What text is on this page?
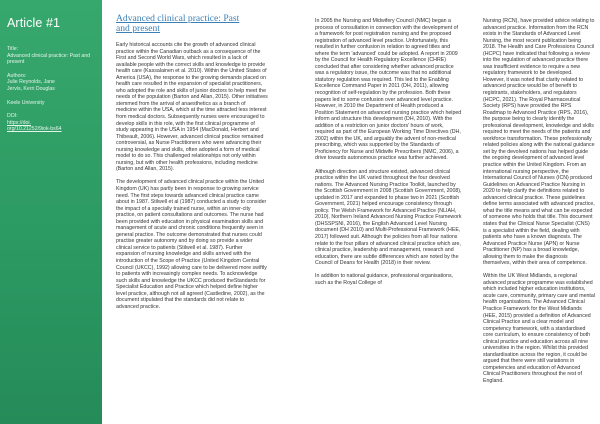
Article #1
Title:
Advanced clinical practice: Past and present
Authors:
Julie Reynolds, Jane
Jervis, Kerri Douglas
Keele University
DOI:
https://doi.
org/10.21252/9iok-bs64
Advanced clinical practice: Past
and present

Early historical accounts cite the growth of advanced clinical practice within the Canadian outback as a consequence of the First and Second World Wars, which resulted in a lack of available people with the correct skills and knowledge to provide health care (Kassalainen et al. 2010). Within the United States of America (USA), the response to the growing demands placed on health care resulted in the expansion of specialist practitioners, who adopted the role and skills of junior doctors to help meet the needs of the population (Barton and Allan, 2015). Other initiatives stemmed from the arrival of anaesthetics as a branch of medicine within the USA, which at the time attracted less interest from medical doctors. Subsequently nurses were encouraged to develop skills in this role, with the first clinical programme of study appearing in the USA in 1954 (MacDonald, Herbert and Thibeault, 2006). However, advanced clinical practice remained controversial, as Nurse Practitioners who were advancing their nursing knowledge and skills, often adopted a form of medical model to do so. This challenged relationships not only within nursing, but with other health professions, including medicine (Barton and Allan, 2015).

The development of advanced clinical practice within the United Kingdom (UK) has partly been in response to growing service need. The first steps towards advanced clinical practice came about in 1987. Stilwell et al (1987) conducted a study to consider the impact of a specially trained nurse, within an inner-city practice, on patient consultations and outcomes. The nurse had been provided with education in physical examination skills and management of acute and chronic conditions frequently seen in general practice. The outcome demonstrated that nurses could practise greater autonomy and by doing so provide a wider clinical service to patients (Stilwell et al. 1987). Further expansion of nursing knowledge and skills arrived with the introduction of the Scope of Practice (United Kingdom Central Council (UKCC), 1992) allowing care to be delivered more swiftly to patients with increasingly complex needs. To acknowledge such skills and knowledge the UKCC produced theStandards for Specialist Education and Practice which helped define higher level practice, although not all agreed (Castledine, 2002), as the document stipulated that the standards did not relate to advanced practice.

In 2005 the Nursing and Midwifery Council (NMC) began a process of consultation in connection with the development of a framework for post registration nursing and the proposed registration of advanced level practice. Unfortunately, this resulted in further confusion in relation to agreed titles and where the term 'advanced' could be adopted. A report in 2009 by the Council for Health Regulatory Excellence (CHRE) concluded that after considering whether advanced practice was a regulatory issue, the outcome was that no additional statutory regulation was required. This led to the Enabling Excellence Command Paper in 2011 (DH, 2011), allowing recognition of self-regulation by the profession. Both these papers led to some confusion over advanced level practice. However, in 2010 the Department of Health produced a Position Statement on advanced nursing practice which helped inform and structure this development (DH, 2010). With the addition of a restriction on junior doctors' hours of work, required as part of the European Working Time Directives (DH, 2002) within the UK, and arguably the advent of non-medical prescribing, which was supported by the Standards of Proficiency for Nurse and Midwife Prescribers (NMC, 2006), a drive towards autonomous practice was further achieved.

Although direction and structure existed, advanced clinical practice within the UK varied throughout the four devolved nations. The Advanced Nursing Practice Toolkit, launched by the Scottish Government in 2008 (Scottish Government, 2008), updated in 2017 and expanded to phase two in 2021 (Scottish Government, 2021) helped encourage consistency through policy. The Welsh Framework for Advanced Practice (NLIAH, 2010), Northern Ireland Advanced Nursing Practice Framework (DHSSPSNI, 2016), the English Advanced Level Nursing document (DH 2010) and Multi-Professional Framework (HEE, 2017) followed suit. Although the policies from all four nations relate to the four pillars of advanced clinical practice which are, clinical practice, leadership and management, research and education, there are subtle differences which are noted by the Council of Deans for Health (2018) in their review.

In addition to national guidance, professional organisations, such as the Royal College of

Nursing (RCN), have provided advice relating to advanced practice. Information from the RCN exists in the Standards of Advanced Level Nursing, the most recent publication being 2018. The Health and Care Professions Council (HCPC) have indicated that following a review into the regulation of advanced practice there was insufficient evidence to require a new regulatory framework to be developed. However, it was noted that clarity related to advanced practice would be of benefit to registrants, stakeholders, and regulators (HCPC, 2021). The Royal Pharmaceutical Society (RPS) have provided the RPS Roadmap to Advanced Practice (RPS, 2016), the purpose being to clearly identify the professional development, knowledge and skills required to meet the needs of the patients and workforce transformation. These professionally related policies along with the national guidance set by the devolved nations has helped guide the ongoing development of advanced level practice within the United Kingdom. From an international nursing perspective, the International Council of Nurses (ICN) produced Guidelines on Advanced Practice Nursing in 2020 to help clarify the definitions related to advanced clinical practice. These guidelines define terms associated with advanced practice, what the title means and what can be expected of someone who holds that title. This document states that the Clinical Nurse Specialist (CNS) is a specialist within the field, dealing with patients who have a known diagnosis. The Advanced Practice Nurse (APN) or Nurse Practitioner (NP) has a broad knowledge, allowing them to make the diagnosis themselves, within their area of competence.

Within the UK West Midlands, a regional advanced practice programme was established which included higher education institutions, acute care, community, primary care and mental health organisations. The Advanced Clinical Practice Framework for the West Midlands (HEE, 2015) provided a definition of Advanced Clinical Practice and a clear model and competency framework, with a standardised core curriculum, to ensure consistency of both clinical practice and education across all nine universities in the region. Whilst this provided standardisation across the region, it could be argued that there were still variations in competencies and education of Advanced Clinical Practitioners throughout the rest of England.
